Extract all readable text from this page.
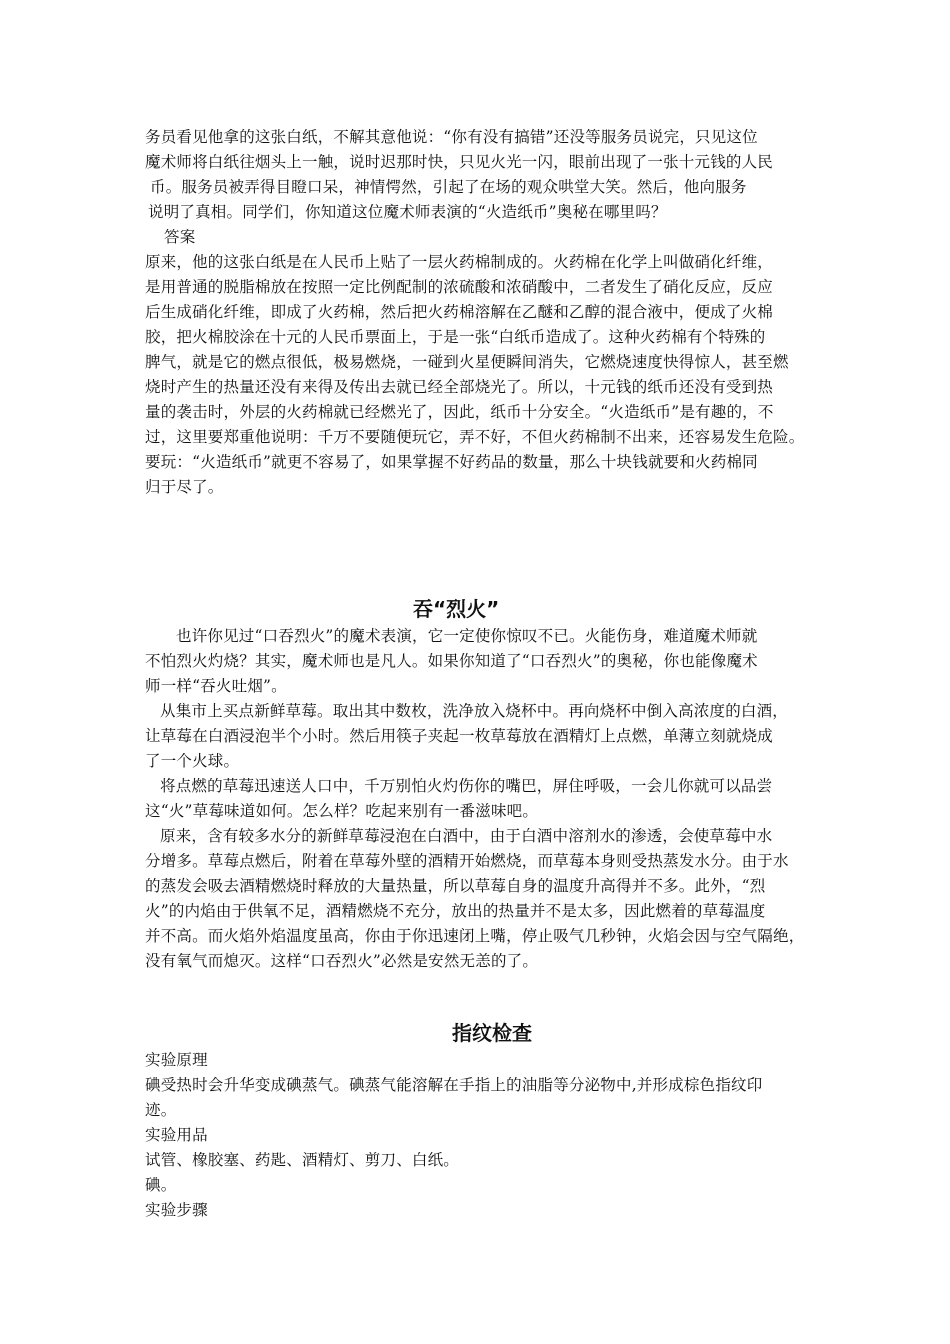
务员看见他拿的这张白纸，不解其意他说：“你有没有搞错”还没等服务员说完，只见这位
魔术师将白纸往烟头上一触，说时迟那时快，只见火光一闪，眼前出现了一张十元钱的人民
币。服务员被弄得目瞪口呆，神情愕然，引起了在场的观众哄堂大笑。然后，他向服务
说明了真相。同学们，你知道这位魔术师表演的“火造纸币”奥秘在哪里吗？
答案
原来，他的这张白纸是在人民币上贴了一层火药棉制成的。火药棉在化学上叫做硝化纤维，
是用普通的脱脂棉放在按照一定比例配制的浓硫酸和浓硝酸中，二者发生了硝化反应，反应
后生成硝化纤维，即成了火药棉，然后把火药棉溶解在乙醚和乙醇的混合液中，便成了火棉
胶，把火棉胶涂在十元的人民币票面上，于是一张“白纸币造成了。这种火药棉有个特殊的
脾气，就是它的燃点很低，极易燃烧，一碰到火星便瞬间消失，它燃烧速度快得惊人，甚至燃
烧时产生的热量还没有来得及传出去就已经全部烧光了。所以，十元钱的纸币还没有受到热
量的袭击时，外层的火药棉就已经燃光了，因此，纸币十分安全。“火造纸币”是有趣的，不
过，这里要郑重他说明：千万不要随便玩它，弄不好，不但火药棉制不出来，还容易发生危险。
要玩：“火造纸币”就更不容易了，如果掌握不好药品的数量，那么十块钱就要和火药棉同
归于尽了。
吞“烈火”
也许你见过“口吞烈火”的魔术表演，它一定使你惊叹不已。火能伤身，难道魔术师就
不怕烈火灼烧？其实，魔术师也是凡人。如果你知道了“口吞烈火”的奥秘，你也能像魔术
师一样“吞火吐烟”。
从集市上买点新鲜草莓。取出其中数枚，洗净放入烧杯中。再向烧杯中倒入高浓度的白酒，
让草莓在白酒浸泡半个小时。然后用筷子夹起一枚草莓放在酒精灯上点燃，单薄立刻就烧成
了一个火球。
将点燃的草莓迅速送人口中，千万别怕火灼伤你的嘴巴，屏住呼吸，一会儿你就可以品尝
这“火”草莓味道如何。怎么样？吃起来别有一番滋味吧。
原来，含有较多水分的新鲜草莓浸泡在白酒中，由于白酒中溶剂水的渗透，会使草莓中水
分增多。草莓点燃后，附着在草莓外壁的酒精开始燃烧，而草莓本身则受热蒸发水分。由于水
的蒸发会吸去酒精燃烧时释放的大量热量，所以草莓自身的温度升高得并不多。此外，“烈
火”的内焰由于供氧不足，酒精燃烧不充分，放出的热量并不是太多，因此燃着的草莓温度
并不高。而火焰外焰温度虽高，你由于你迅速闭上嘴，停止吸气几秒钟，火焰会因与空气隔绝，
没有氧气而熄灭。这样“口吞烈火”必然是安然无恙的了。
指纹检查
实验原理
碘受热时会升华变成碘蒸气。碘蒸气能溶解在手指上的油脂等分泌物中,并形成棕色指纹印
迹。
实验用品
试管、橡胶塞、药匙、酒精灯、剪刀、白纸。
碘。
实验步骤
